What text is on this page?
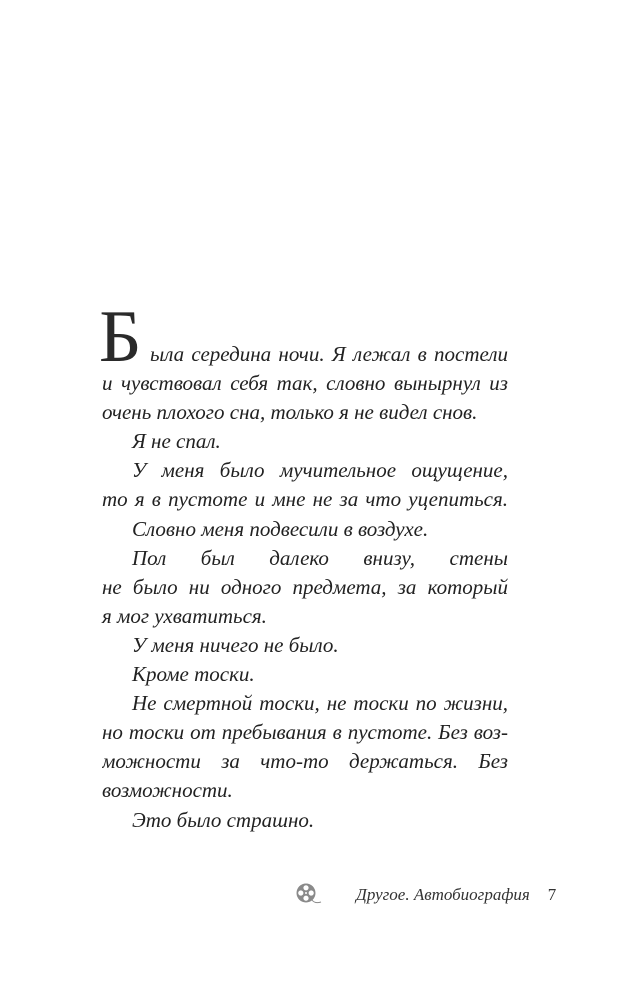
Б ыла середина ночи. Я лежал в постели
и чувствовал себя так, словно вынырнул из
очень плохого сна, только я не видел снов.
Я не спал.
У меня было мучительное ощущение,
то я в пустоте и мне не за что уцепиться.
Словно меня подвесили в воздухе.
Пол был далеко внизу, стены
не было ни одного предмета, за который
я мог ухватиться.
У меня ничего не было.
Кроме тоски.
Не смертной тоски, не тоски по жизни,
но тоски от пребывания в пустоте. Без воз-
можности за что-то держаться. Без
возможности.
Это было страшно.
Другое. Автобиография 7
